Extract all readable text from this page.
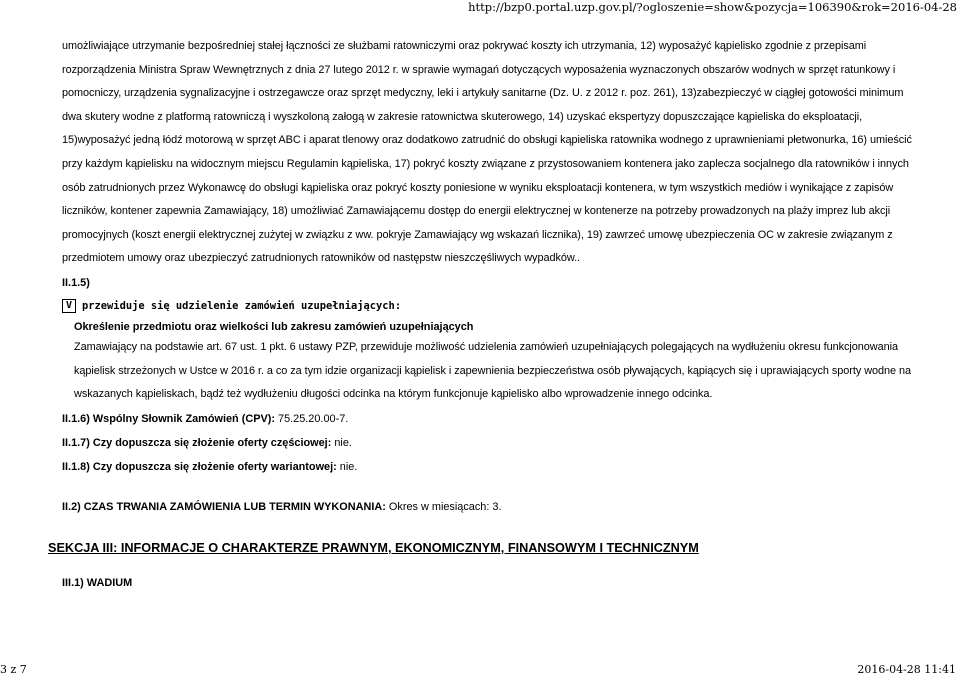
http://bzp0.portal.uzp.gov.pl/?ogloszenie=show&pozycja=106390&rok=2016-04-28
umożliwiające utrzymanie bezpośredniej stałej łączności ze służbami ratowniczymi oraz pokrywać koszty ich utrzymania, 12) wyposażyć kąpielisko zgodnie z przepisami rozporządzenia Ministra Spraw Wewnętrznych z dnia 27 lutego 2012 r. w sprawie wymagań dotyczących wyposażenia wyznaczonych obszarów wodnych w sprzęt ratunkowy i pomocniczy, urządzenia sygnalizacyjne i ostrzegawcze oraz sprzęt medyczny, leki i artykuły sanitarne (Dz. U. z 2012 r. poz. 261), 13)zabezpieczyć w ciągłej gotowości minimum dwa skutery wodne z platformą ratowniczą i wyszkoloną załogą w zakresie ratownictwa skuterowego, 14) uzyskać ekspertyzy dopuszczające kąpieliska do eksploatacji, 15)wyposażyć jedną łódź motorową w sprzęt ABC i aparat tlenowy oraz dodatkowo zatrudnić do obsługi kąpieliska ratownika wodnego z uprawnieniami płetwonurka, 16) umieścić przy każdym kąpielisku na widocznym miejscu Regulamin kąpieliska, 17) pokryć koszty związane z przystosowaniem kontenera jako zaplecza socjalnego dla ratowników i innych osób zatrudnionych przez Wykonawcę do obsługi kąpieliska oraz pokryć koszty poniesione w wyniku eksploatacji kontenera, w tym wszystkich mediów i wynikające z zapisów liczników, kontener zapewnia Zamawiający, 18) umożliwiać Zamawiającemu dostęp do energii elektrycznej w kontenerze na potrzeby prowadzonych na plaży imprez lub akcji promocyjnych (koszt energii elektrycznej zużytej w związku z ww. pokryje Zamawiający wg wskazań licznika), 19) zawrzeć umowę ubezpieczenia OC w zakresie związanym z przedmiotem umowy oraz ubezpieczyć zatrudnionych ratowników od następstw nieszczęśliwych wypadków..
II.1.5)
V przewiduje się udzielenie zamówień uzupełniających:
Określenie przedmiotu oraz wielkości lub zakresu zamówień uzupełniających
Zamawiający na podstawie art. 67 ust. 1 pkt. 6 ustawy PZP, przewiduje możliwość udzielenia zamówień uzupełniających polegających na wydłużeniu okresu funkcjonowania kąpielisk strzeżonych w Ustce w 2016 r. a co za tym idzie organizacji kąpielisk i zapewnienia bezpieczeństwa osób pływających, kąpiących się i uprawiających sporty wodne na wskazanych kąpieliskach, bądź też wydłużeniu długości odcinka na którym funkcjonuje kąpielisko albo wprowadzenie innego odcinka.
II.1.6) Wspólny Słownik Zamówień (CPV): 75.25.20.00-7.
II.1.7) Czy dopuszcza się złożenie oferty częściowej: nie.
II.1.8) Czy dopuszcza się złożenie oferty wariantowej: nie.
II.2) CZAS TRWANIA ZAMÓWIENIA LUB TERMIN WYKONANIA: Okres w miesiącach: 3.
SEKCJA III: INFORMACJE O CHARAKTERZE PRAWNYM, EKONOMICZNYM, FINANSOWYM I TECHNICZNYM
III.1) WADIUM
3 z 7	2016-04-28 11:41
